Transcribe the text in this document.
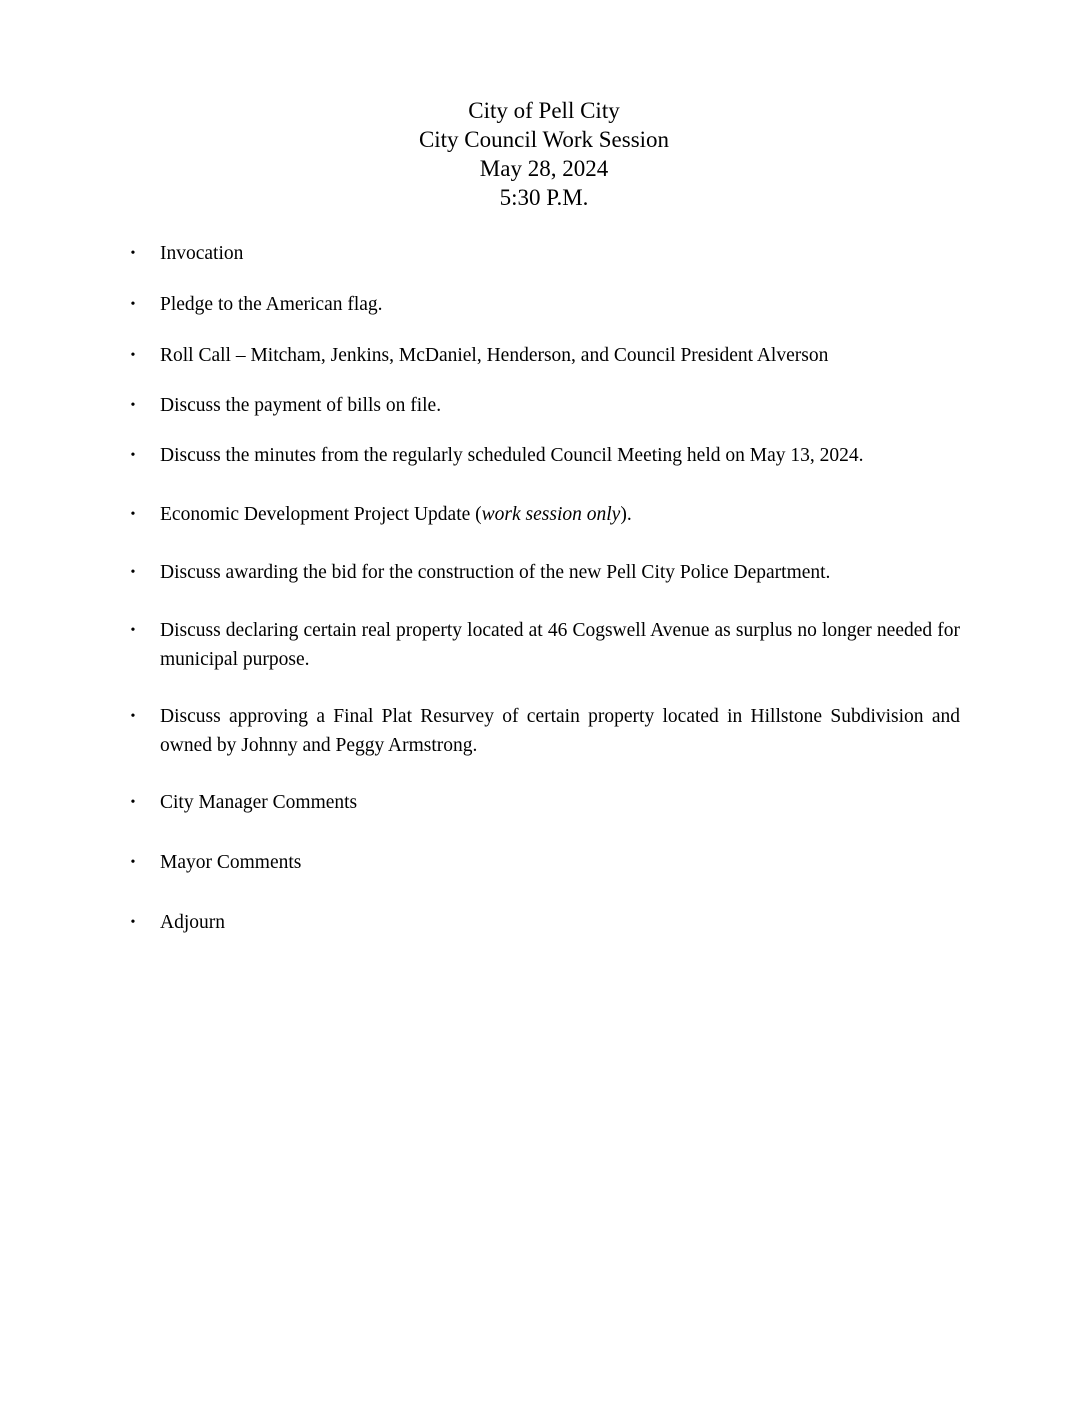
City of Pell City
City Council Work Session
May 28, 2024
5:30 P.M.
• Invocation
• Pledge to the American flag.
• Roll Call – Mitcham, Jenkins, McDaniel, Henderson, and Council President Alverson
• Discuss the payment of bills on file.
• Discuss the minutes from the regularly scheduled Council Meeting held on May 13, 2024.
• Economic Development Project Update (work session only).
• Discuss awarding the bid for the construction of the new Pell City Police Department.
• Discuss declaring certain real property located at 46 Cogswell Avenue as surplus no longer needed for municipal purpose.
• Discuss approving a Final Plat Resurvey of certain property located in Hillstone Subdivision and owned by Johnny and Peggy Armstrong.
• City Manager Comments
• Mayor Comments
• Adjourn
